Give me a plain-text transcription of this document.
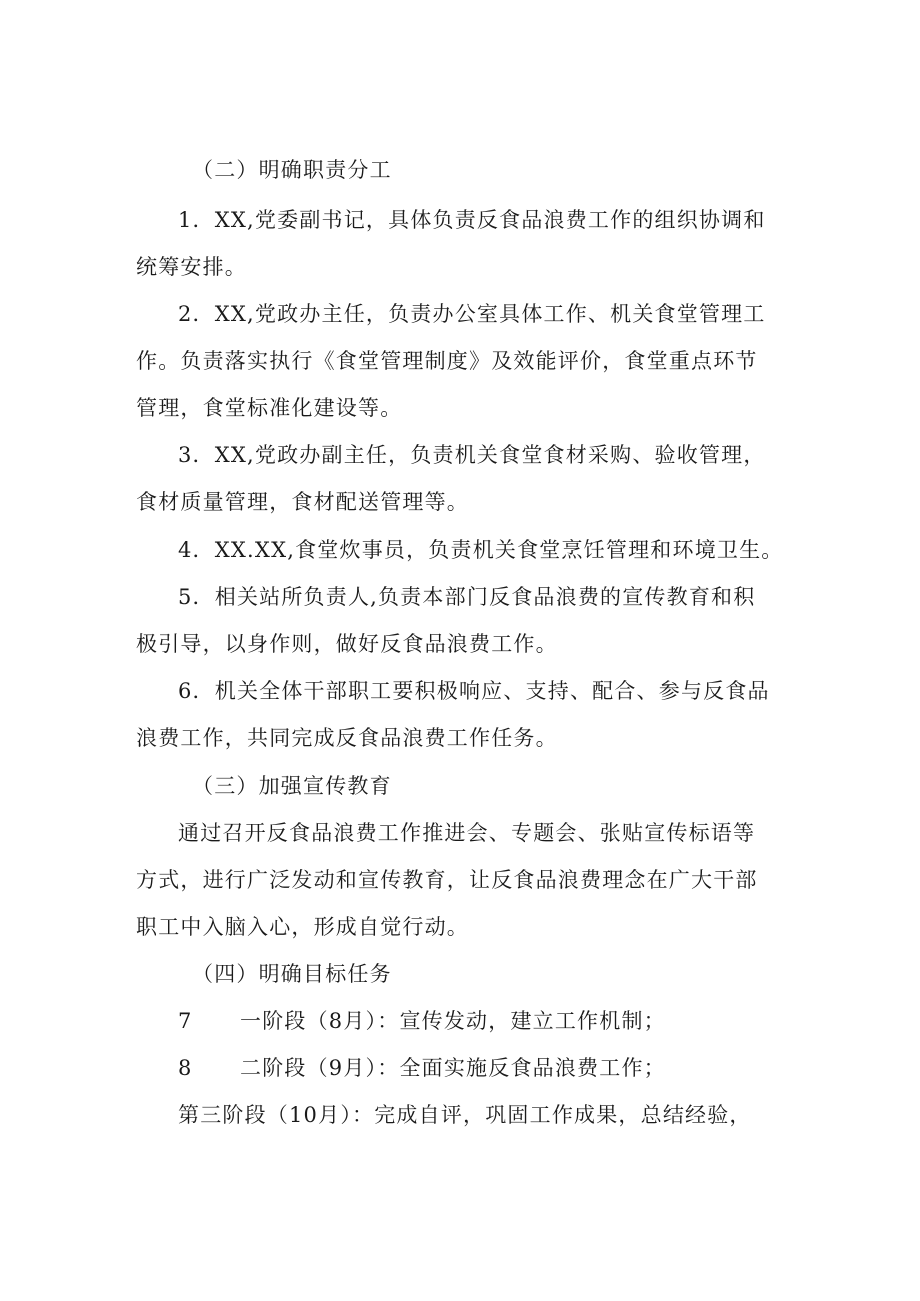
（二）明确职责分工
1．XX,党委副书记，具体负责反食品浪费工作的组织协调和
统筹安排。
2．XX,党政办主任，负责办公室具体工作、机关食堂管理工
作。负责落实执行《食堂管理制度》及效能评价，食堂重点环节
管理，食堂标准化建设等。
3．XX,党政办副主任，负责机关食堂食材采购、验收管理，
食材质量管理，食材配送管理等。
4．XX.XX,食堂炊事员，负责机关食堂烹饪管理和环境卫生。
5．相关站所负责人,负责本部门反食品浪费的宣传教育和积
极引导，以身作则，做好反食品浪费工作。
6．机关全体干部职工要积极响应、支持、配合、参与反食品
浪费工作，共同完成反食品浪费工作任务。
（三）加强宣传教育
通过召开反食品浪费工作推进会、专题会、张贴宣传标语等
方式，进行广泛发动和宣传教育，让反食品浪费理念在广大干部
职工中入脑入心，形成自觉行动。
（四）明确目标任务
7 一阶段（8月）：宣传发动，建立工作机制；
8 二阶段（9月）：全面实施反食品浪费工作；
第三阶段（10月）：完成自评，巩固工作成果，总结经验，
